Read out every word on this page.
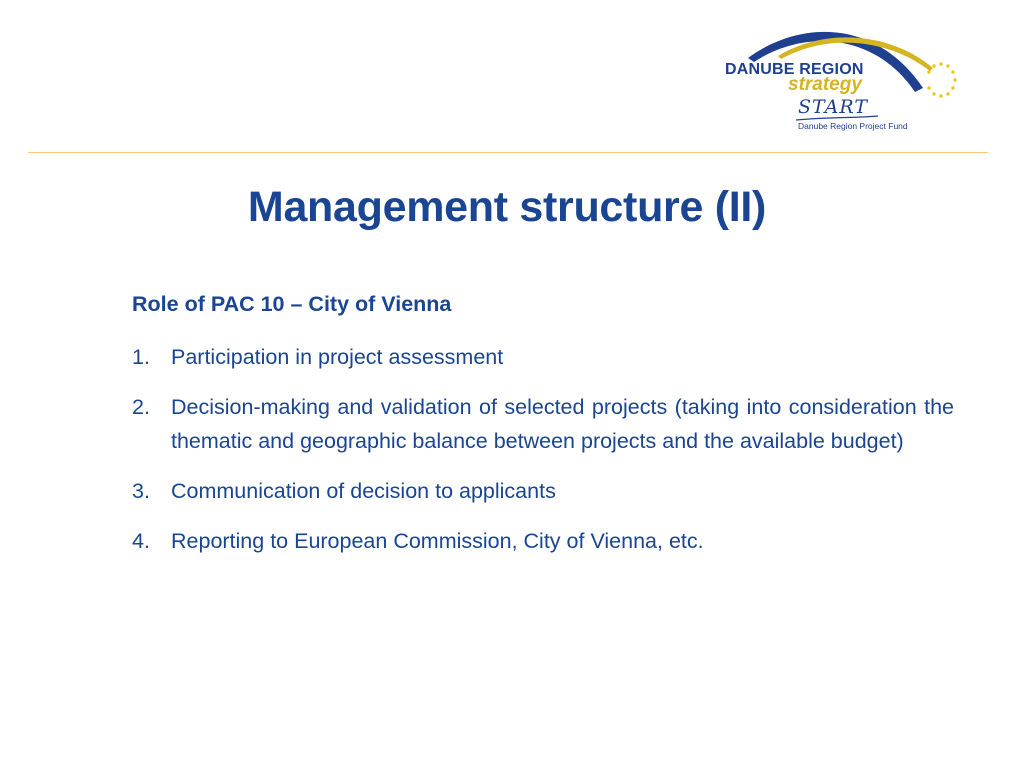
DANUBE REGION
strategy
START
Danube Region Project Fund
Management structure (II)
Role of PAC 10 – City of Vienna
1. Participation in project assessment
2. Decision-making and validation of selected projects (taking into consideration the thematic and geographic balance between projects and the available budget)
3. Communication of decision to applicants
4. Reporting to European Commission, City of Vienna, etc.
